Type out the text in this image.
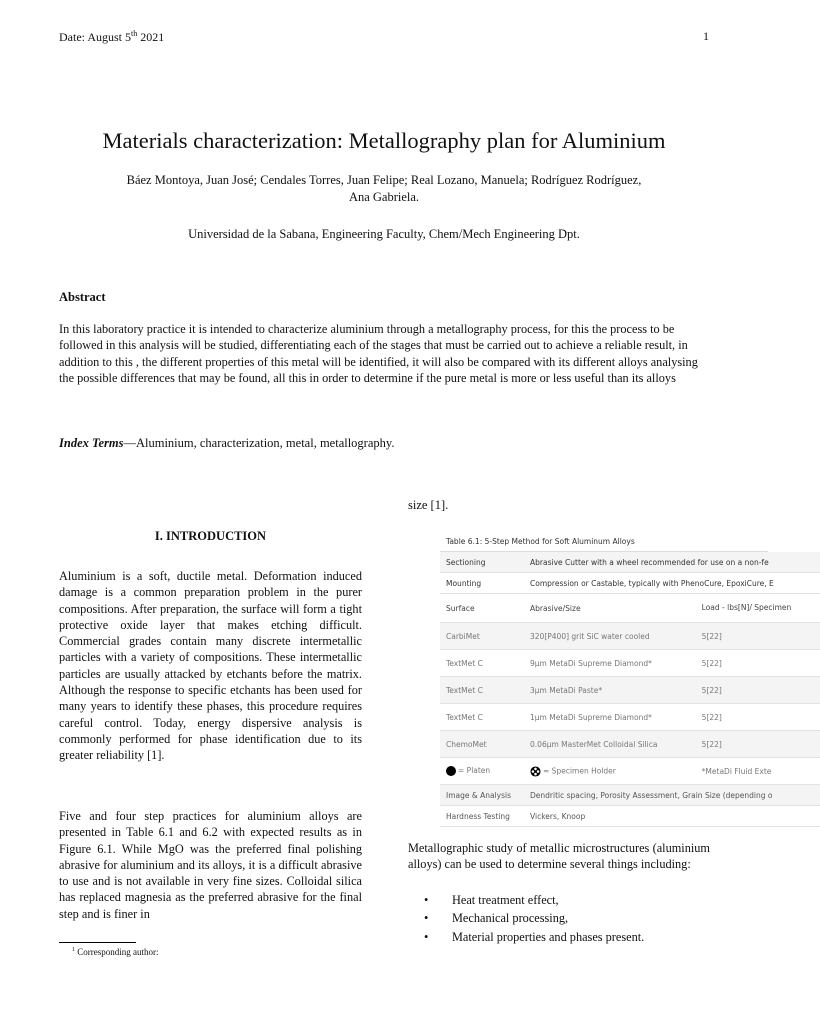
Date: August 5th 2021	1
Materials characterization: Metallography plan for Aluminium
Báez Montoya, Juan José; Cendales Torres, Juan Felipe; Real Lozano, Manuela; Rodríguez Rodríguez, Ana Gabriela.
Universidad de la Sabana, Engineering Faculty, Chem/Mech Engineering Dpt.
Abstract
In this laboratory practice it is intended to characterize aluminium through a metallography process, for this the process to be followed in this analysis will be studied, differentiating each of the stages that must be carried out to achieve a reliable result, in addition to this , the different properties of this metal will be identified, it will also be compared with its different alloys analysing the possible differences that may be found, all this in order to determine if the pure metal is more or less useful than its alloys
Index Terms—Aluminium, characterization, metal, metallography.
I. INTRODUCTION
Aluminium is a soft, ductile metal. Deformation induced damage is a common preparation problem in the purer compositions. After preparation, the surface will form a tight protective oxide layer that makes etching difficult. Commercial grades contain many discrete intermetallic particles with a variety of compositions. These intermetallic particles are usually attacked by etchants before the matrix. Although the response to specific etchants has been used for many years to identify these phases, this procedure requires careful control. Today, energy dispersive analysis is commonly performed for phase identification due to its greater reliability [1].
Five and four step practices for aluminium alloys are presented in Table 6.1 and 6.2 with expected results as in Figure 6.1. While MgO was the preferred final polishing abrasive for aluminium and its alloys, it is a difficult abrasive to use and is not available in very fine sizes. Colloidal silica has replaced magnesia as the preferred abrasive for the final step and is finer in
$^1$ Corresponding author:
size [1].
Table 6.1: 5-Step Method for Soft Aluminum Alloys
Sectioning	Abrasive Cutter with a wheel recommended for use on a non-fe		
Mounting	Compression or Castable, typically with PhenoCure, EpoxiCure, E		
Surface	Abrasive/Size	Load - lbs[N]/ Specimen	
CarbiMet	320[P400] grit SiC water cooled	5[22]	
TextMet C	9μm MetaDi Supreme Diamond*	5[22]	
TextMet C	3μm MetaDi Paste*	5[22]	
TextMet C	1μm MetaDi Supreme Diamond*	5[22]	
ChemoMet	0.06μm MasterMet Colloidal Silica	5[22]	
= Platen	= Specimen Holder	*MetaDi Fluid Exte	
Image & Analysis	Dendritic spacing, Porosity Assessment, Grain Size (depending o		
Hardness Testing	Vickers, Knoop		
Metallographic study of metallic microstructures (aluminium alloys) can be used to determine several things including:
• Heat treatment effect,
• Mechanical processing,
• Material properties and phases present.
